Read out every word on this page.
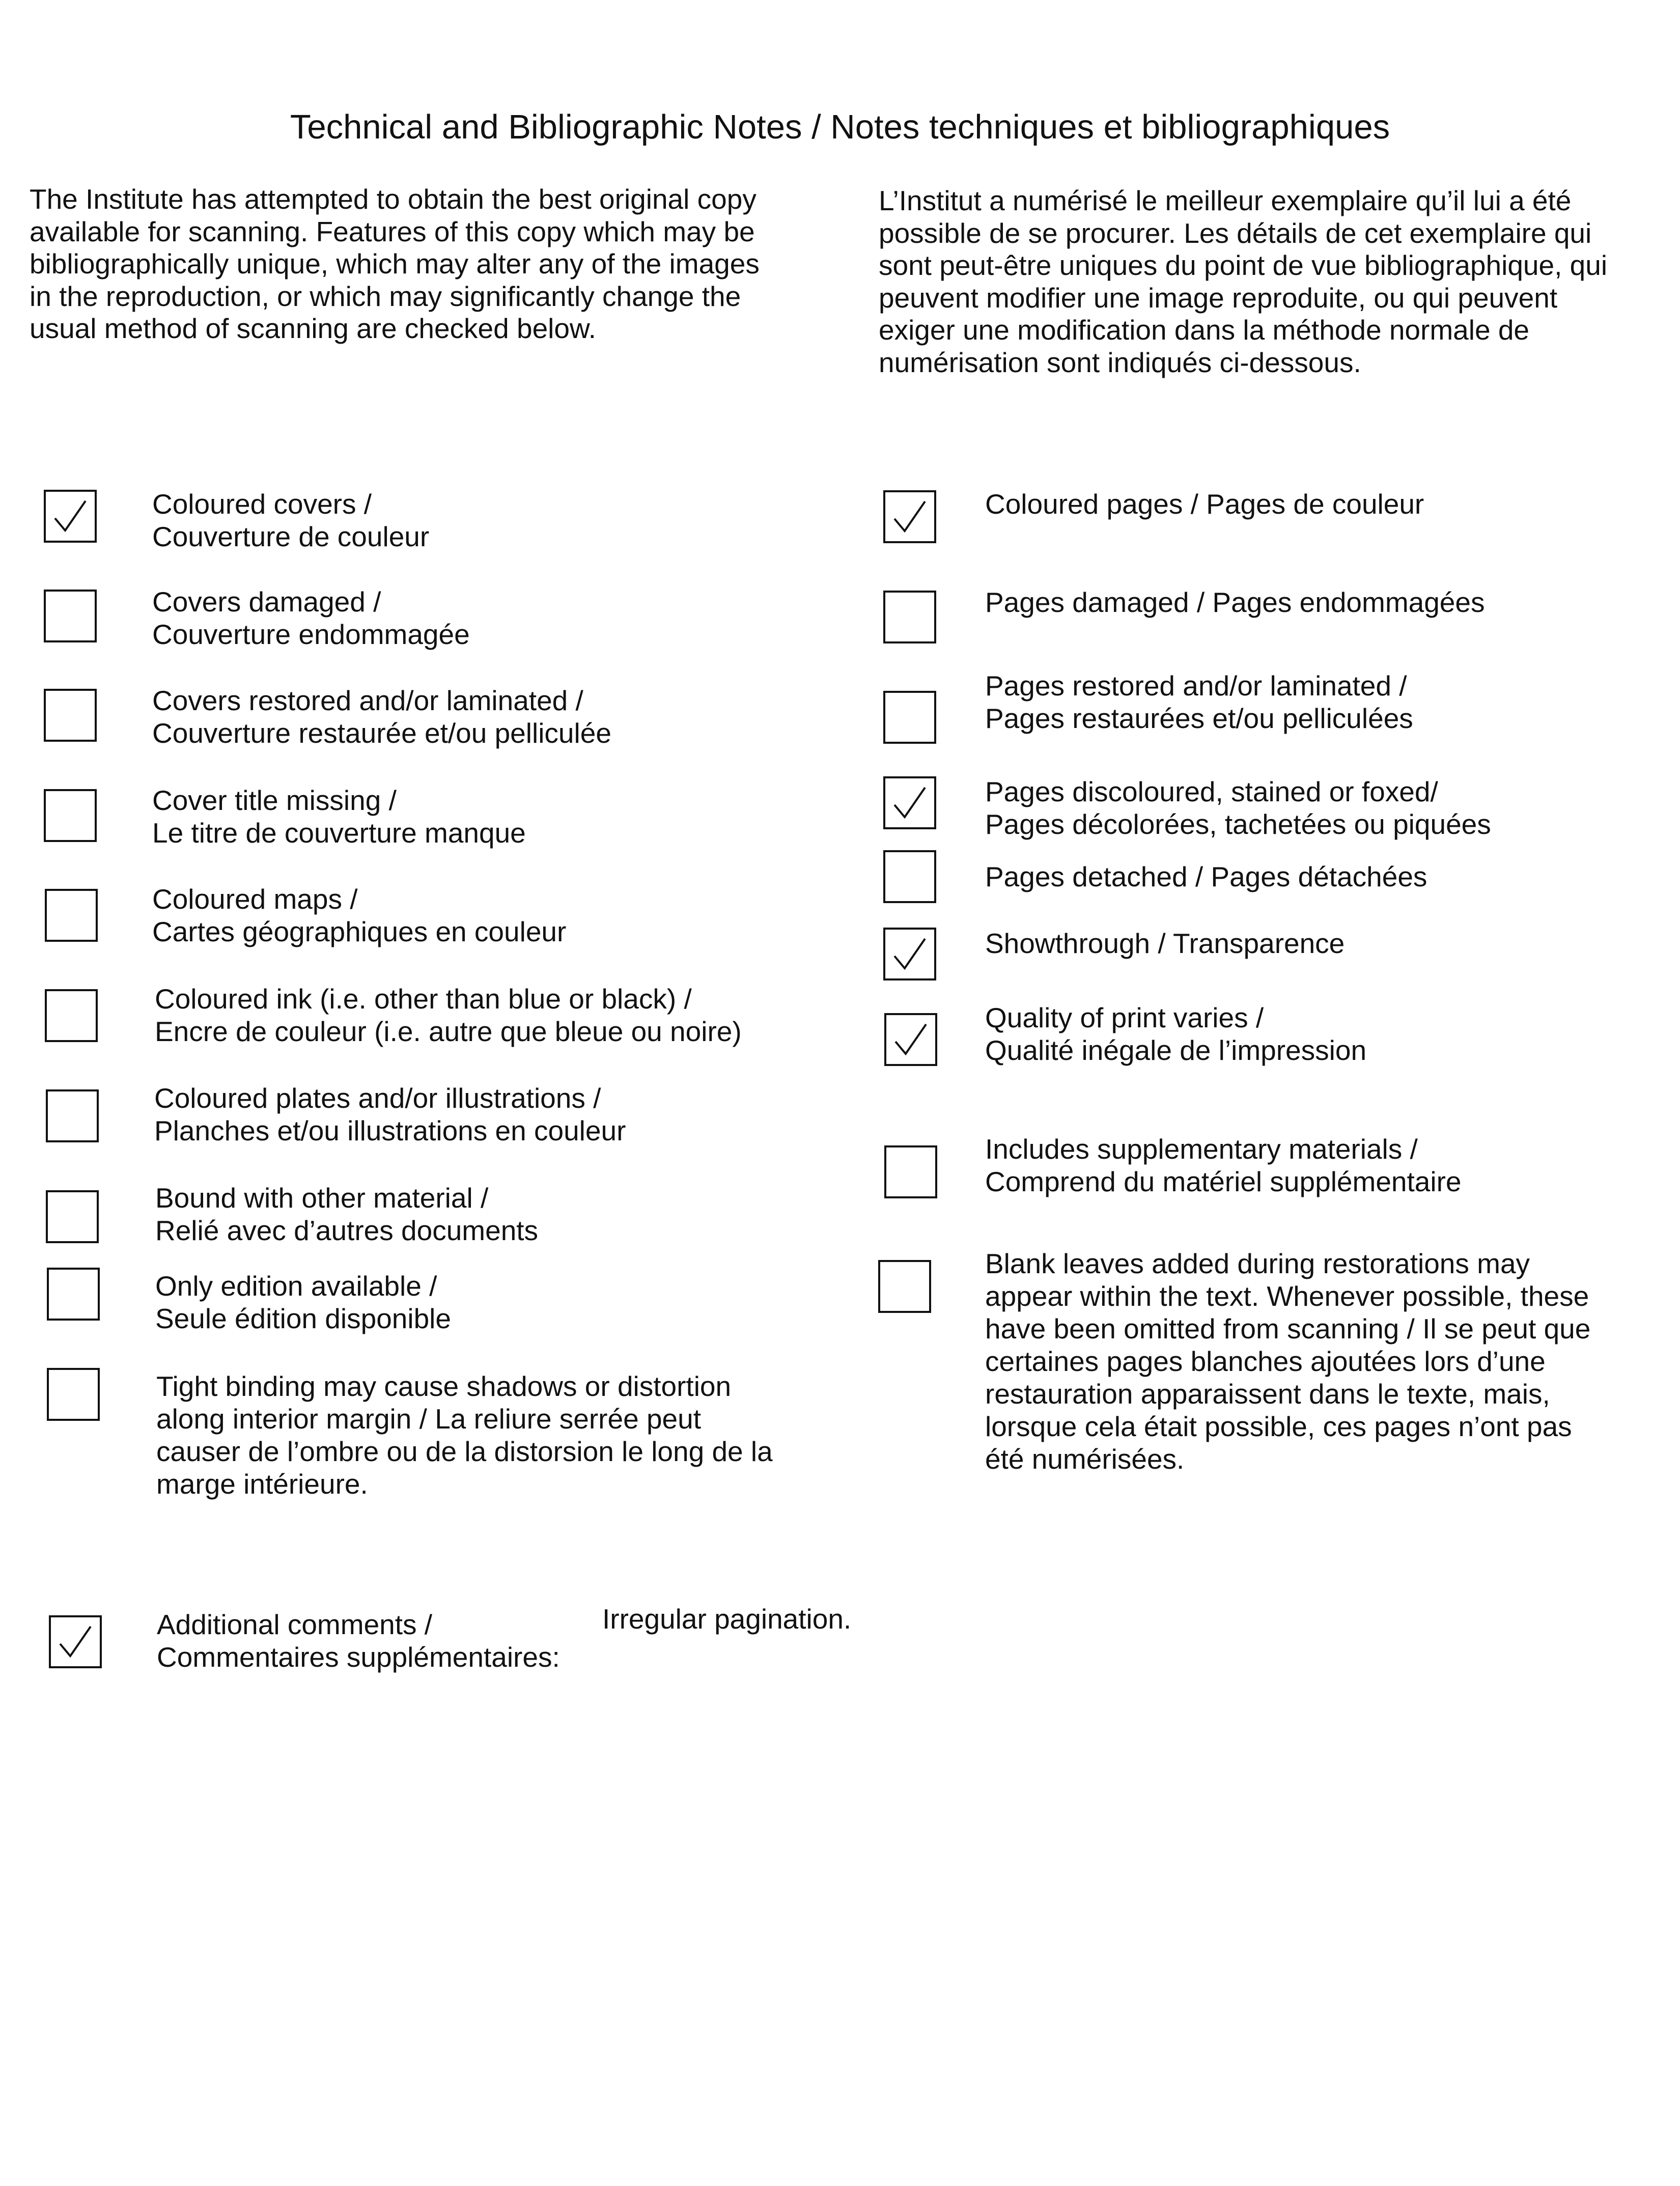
Technical and Bibliographic Notes / Notes techniques et bibliographiques
The Institute has attempted to obtain the best original copy
available for scanning. Features of this copy which may be
bibliographically unique, which may alter any of the images
in the reproduction, or which may significantly change the
usual method of scanning are checked below.
L’Institut a numérisé le meilleur exemplaire qu’il lui a été
possible de se procurer. Les détails de cet exemplaire qui
sont peut-être uniques du point de vue bibliographique, qui
peuvent modifier une image reproduite, ou qui peuvent
exiger une modification dans la méthode normale de
numérisation sont indiqués ci-dessous.
Coloured covers /
Couverture de couleur
Covers damaged /
Couverture endommagée
Covers restored and/or laminated /
Couverture restaurée et/ou pelliculée
Cover title missing /
Le titre de couverture manque
Coloured maps /
Cartes géographiques en couleur
Coloured ink (i.e. other than blue or black) /
Encre de couleur (i.e. autre que bleue ou noire)
Coloured plates and/or illustrations /
Planches et/ou illustrations en couleur
Bound with other material /
Relié avec d’autres documents
Only edition available /
Seule édition disponible
Tight binding may cause shadows or distortion
along interior margin / La reliure serrée peut
causer de l’ombre ou de la distorsion le long de la
marge intérieure.
Coloured pages / Pages de couleur
Pages damaged / Pages endommagées
Pages restored and/or laminated /
Pages restaurées et/ou pelliculées
Pages discoloured, stained or foxed/
Pages décolorées, tachetées ou piquées
Pages detached / Pages détachées
Showthrough / Transparence
Quality of print varies /
Qualité inégale de l’impression
Includes supplementary materials /
Comprend du matériel supplémentaire
Blank leaves added during restorations may
appear within the text. Whenever possible, these
have been omitted from scanning / Il se peut que
certaines pages blanches ajoutées lors d’une
restauration apparaissent dans le texte, mais,
lorsque cela était possible, ces pages n’ont pas
été numérisées.
Additional comments /
Commentaires supplémentaires:
Irregular pagination.
